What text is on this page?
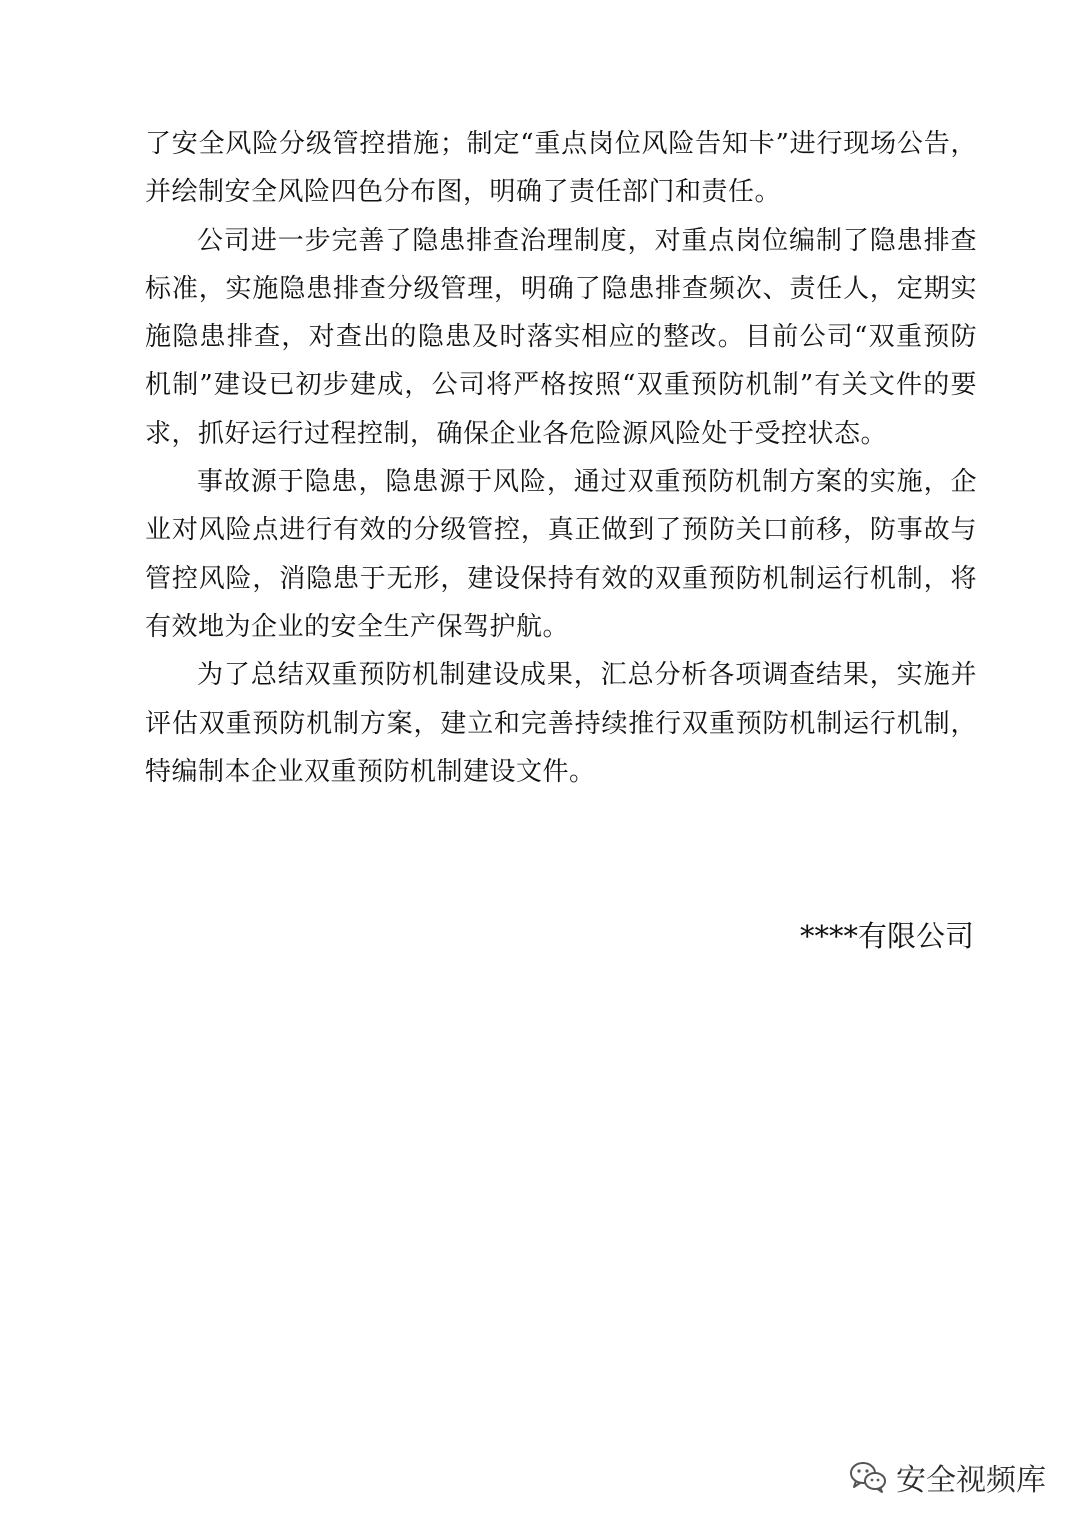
了安全风险分级管控措施；制定“重点岗位风险告知卡”进行现场公告，并绘制安全风险四色分布图，明确了责任部门和责任。

公司进一步完善了隐患排查治理制度，对重点岗位编制了隐患排查标准，实施隐患排查分级管理，明确了隐患排查频次、责任人，定期实施隐患排查，对查出的隐患及时落实相应的整改。目前公司“双重预防机制”建设已初步建成，公司将严格按照“双重预防机制”有关文件的要求，抓好运行过程控制，确保企业各危险源风险处于受控状态。

事故源于隐患，隐患源于风险，通过双重预防机制方案的实施，企业对风险点进行有效的分级管控，真正做到了预防关口前移，防事故与管控风险，消隐患于无形，建设保持有效的双重预防机制运行机制，将有效地为企业的安全生产保驾护航。

为了总结双重预防机制建设成果，汇总分析各项调查结果，实施并评估双重预防机制方案，建立和完善持续推行双重预防机制运行机制，特编制本企业双重预防机制建设文件。

****有限公司
安全视频库
